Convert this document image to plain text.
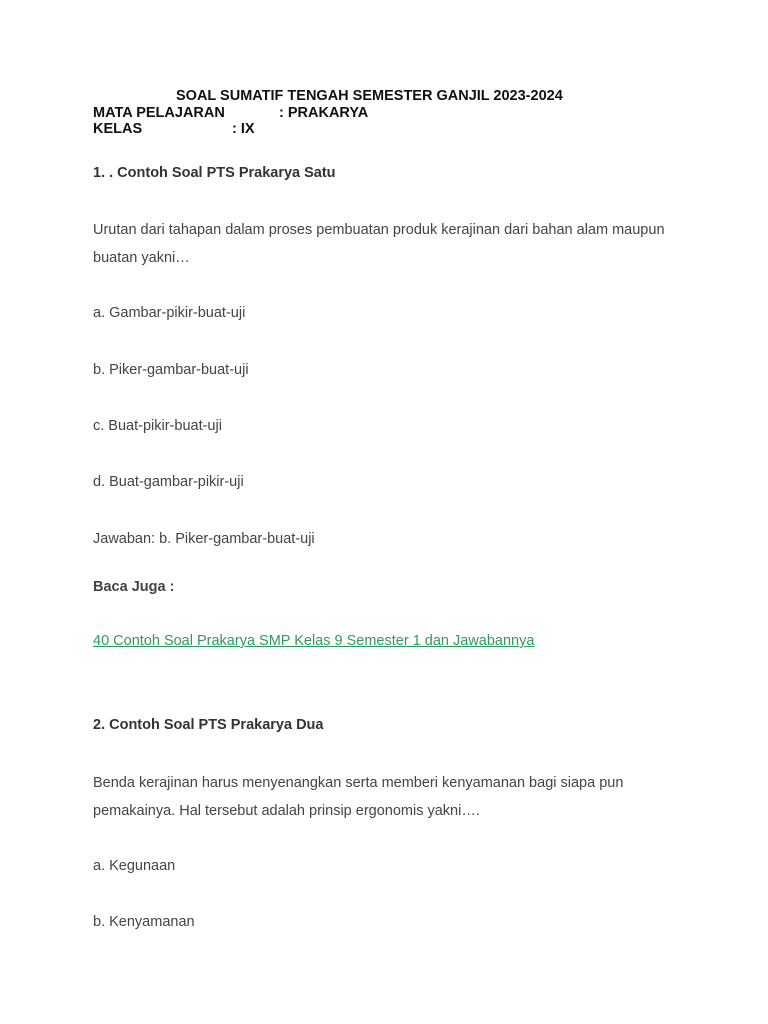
SOAL SUMATIF TENGAH SEMESTER GANJIL 2023-2024
MATA PELAJARAN	: PRAKARYA
KELAS	: IX
1. . Contoh Soal PTS Prakarya Satu
Urutan dari tahapan dalam proses pembuatan produk kerajinan dari bahan alam maupun buatan yakni…
a. Gambar-pikir-buat-uji
b. Piker-gambar-buat-uji
c. Buat-pikir-buat-uji
d. Buat-gambar-pikir-uji
Jawaban: b. Piker-gambar-buat-uji
Baca Juga :
40 Contoh Soal Prakarya SMP Kelas 9 Semester 1 dan Jawabannya
2. Contoh Soal PTS Prakarya Dua
Benda kerajinan harus menyenangkan serta memberi kenyamanan bagi siapa pun pemakainya. Hal tersebut adalah prinsip ergonomis yakni….
a. Kegunaan
b. Kenyamanan
